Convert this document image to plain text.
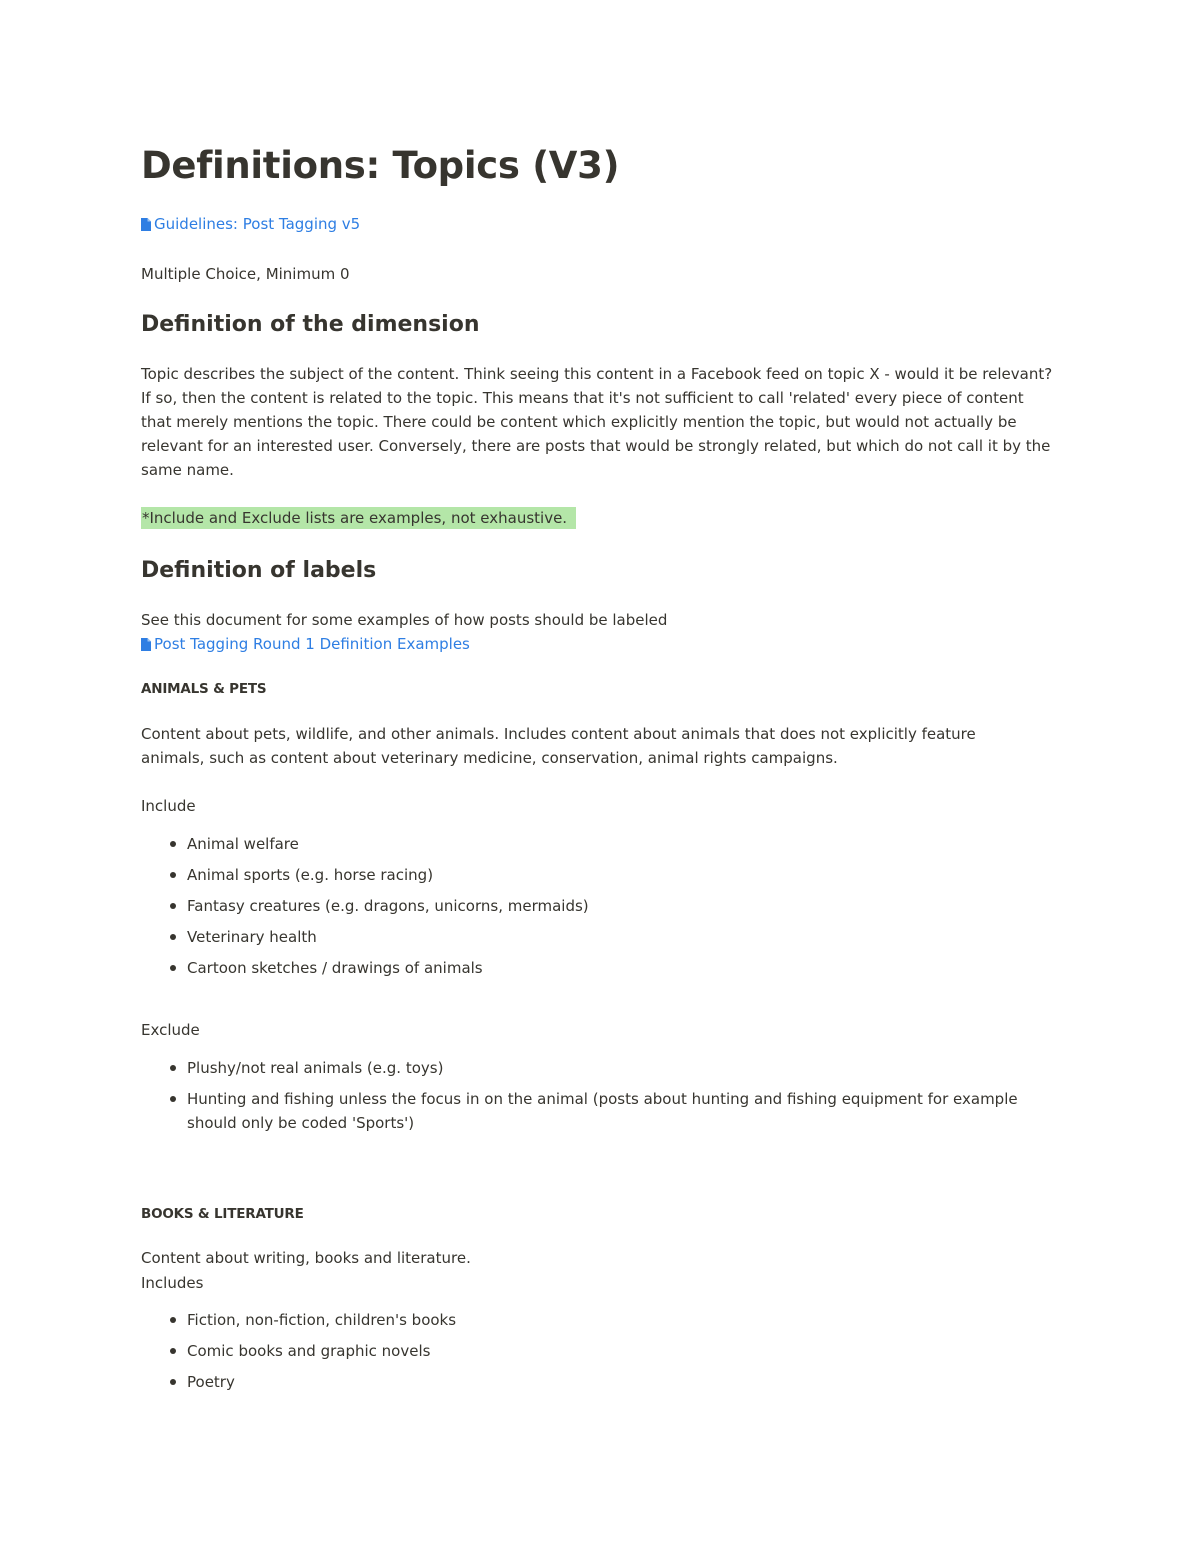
Definitions: Topics (V3)
Guidelines: Post Tagging v5

Multiple Choice, Minimum 0

Definition of the dimension

Topic describes the subject of the content. Think seeing this content in a Facebook feed on topic X - would it be relevant? If so, then the content is related to the topic. This means that it's not sufficient to call 'related' every piece of content that merely mentions the topic. There could be content which explicitly mention the topic, but would not actually be relevant for an interested user. Conversely, there are posts that would be strongly related, but which do not call it by the same name.

*Include and Exclude lists are examples, not exhaustive.
Definition of labels

See this document for some examples of how posts should be labeled

Post Tagging Round 1 Definition Examples
ANIMALS & PETS

Content about pets, wildlife, and other animals. Includes content about animals that does not explicitly feature animals, such as content about veterinary medicine, conservation, animal rights campaigns.

Include

Animal welfare
Animal sports (e.g. horse racing)
Fantasy creatures (e.g. dragons, unicorns, mermaids)
Veterinary health
Cartoon sketches / drawings of animals

Exclude

Plushy/not real animals (e.g. toys)
Hunting and fishing unless the focus in on the animal (posts about hunting and fishing equipment for example should only be coded 'Sports')
BOOKS & LITERATURE

Content about writing, books and literature.

Includes

Fiction, non-fiction, children's books
Comic books and graphic novels
Poetry
